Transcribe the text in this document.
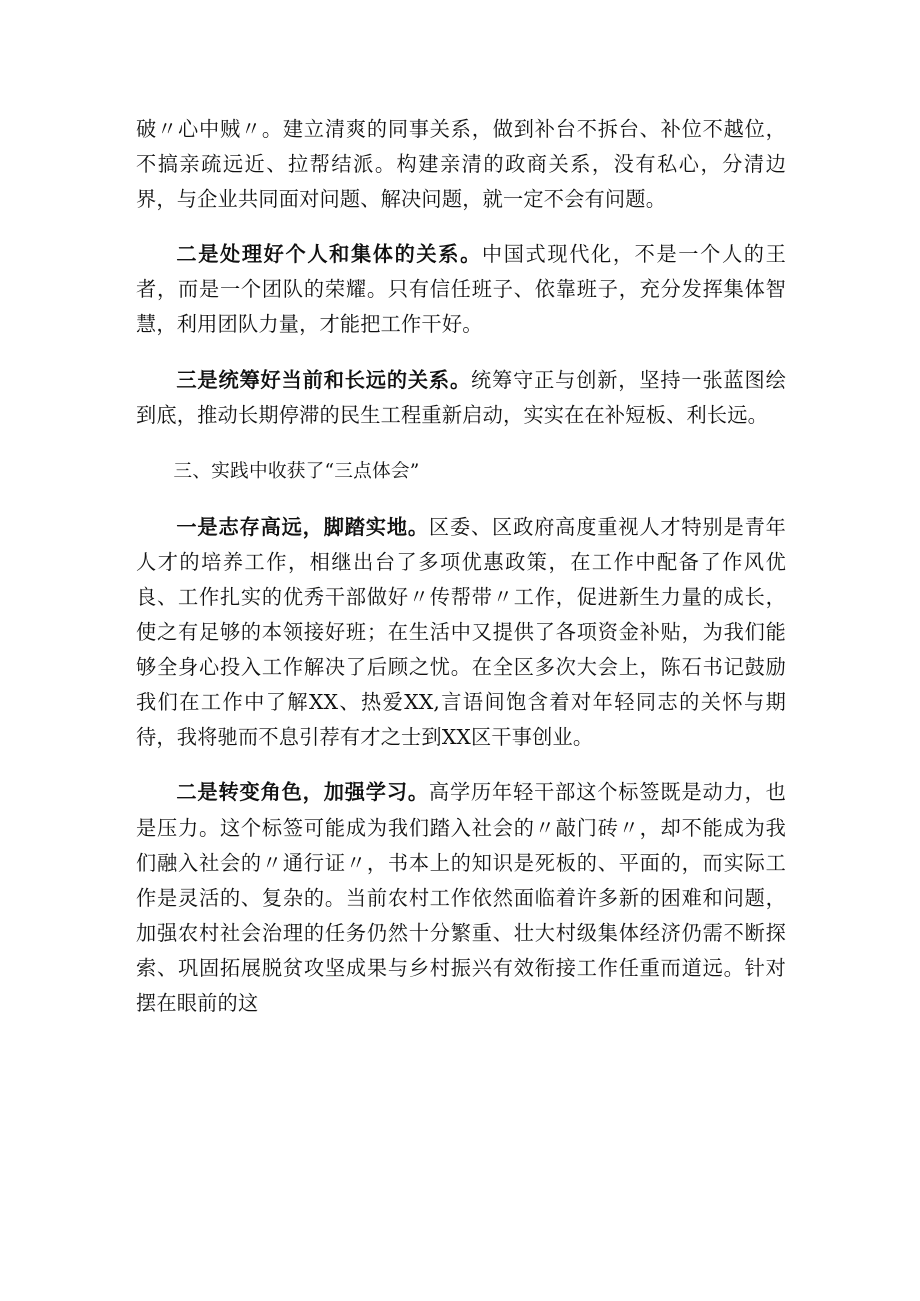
破〃心中贼〃。建立清爽的同事关系，做到补台不拆台、补位不越位，不搞亲疏远近、拉帮结派。构建亲清的政商关系，没有私心，分清边界，与企业共同面对问题、解决问题，就一定不会有问题。

二是处理好个人和集体的关系。中国式现代化，不是一个人的王者，而是一个团队的荣耀。只有信任班子、依靠班子，充分发挥集体智慧，利用团队力量，才能把工作干好。

三是统筹好当前和长远的关系。统筹守正与创新，坚持一张蓝图绘到底，推动长期停滞的民生工程重新启动，实实在在补短板、利长远。

三、实践中收获了“三点体会”

一是志存高远，脚踏实地。区委、区政府高度重视人才特别是青年人才的培养工作，相继出台了多项优惠政策，在工作中配备了作风优良、工作扎实的优秀干部做好〃传帮带〃工作，促进新生力量的成长，使之有足够的本领接好班；在生活中又提供了各项资金补贴，为我们能够全身心投入工作解决了后顾之忧。在全区多次大会上，陈石书记鼓励我们在工作中了解XX、热爱XX,言语间饱含着对年轻同志的关怀与期待，我将驰而不息引荐有才之士到XX区干事创业。

二是转变角色，加强学习。高学历年轻干部这个标签既是动力，也是压力。这个标签可能成为我们踏入社会的〃敲门砖〃，却不能成为我们融入社会的〃通行证〃，书本上的知识是死板的、平面的，而实际工作是灵活的、复杂的。当前农村工作依然面临着许多新的困难和问题，加强农村社会治理的任务仍然十分繁重、壮大村级集体经济仍需不断探索、巩固拓展脱贫攻坚成果与乡村振兴有效衔接工作任重而道远。针对摆在眼前的这
